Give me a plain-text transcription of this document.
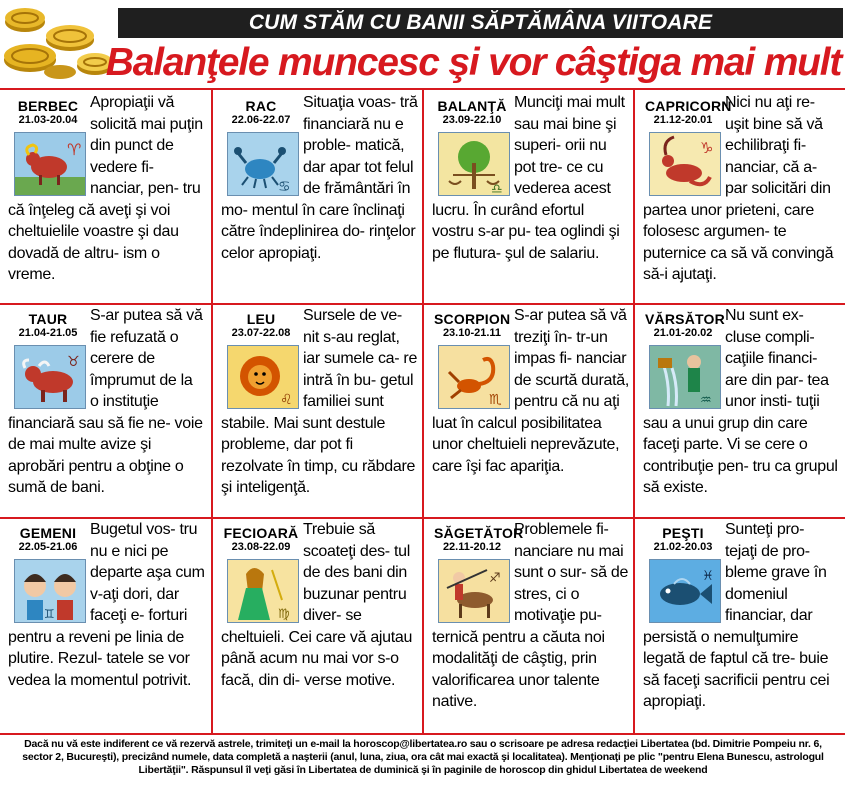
CUM STĂM CU BANII SĂPTĂMÂNA VIITOARE
Balanţele muncesc şi vor câştiga mai mult
BERBEC
21.03-20.04
♈
Apropiaţii vă solicită mai puţin din punct de vedere fi- nanciar, pen- tru că înţeleg că aveţi şi voi cheltuielile voastre şi dau dovadă de altru- ism o vreme.
RAC
22.06-22.07
♋
Situaţia voas- tră financiară nu e proble- matică, dar apar tot felul de frământări în mo- mentul în care înclinaţi către îndeplinirea do- rinţelor celor apropiaţi.
BALANŢĂ
23.09-22.10
♎
Munciţi mai mult sau mai bine şi superi- orii nu pot tre- ce cu vederea acest lucru. În curând efortul vostru s-ar pu- tea oglindi şi pe flutura- şul de salariu.
CAPRICORN
21.12-20.01
♑
Nici nu aţi re- uşit bine să vă echilibraţi fi- nanciar, că a- par solicitări din partea unor prieteni, care folosesc argumen- te puternice ca să vă convingă să-i ajutaţi.
TAUR
21.04-21.05
♉
S-ar putea să vă fie refuzată o cerere de împrumut de la o instituţie financiară sau să fie ne- voie de mai multe avize şi aprobări pentru a obţine o sumă de bani.
LEU
23.07-22.08
♌
Sursele de ve- nit s-au reglat, iar sumele ca- re intră în bu- getul familiei sunt stabile. Mai sunt destule probleme, dar pot fi rezolvate în timp, cu răbdare şi inteligenţă.
SCORPION
23.10-21.11
♏
S-ar putea să vă treziţi în- tr-un impas fi- nanciar de scurtă durată, pentru că nu aţi luat în calcul posibilitatea unor cheltuieli neprevăzute, care îşi fac apariţia.
VĂRSĂTOR
21.01-20.02
♒
Nu sunt ex- cluse compli- caţiile financi- are din par- tea unor insti- tuţii sau a unui grup din care faceţi parte. Vi se cere o contribuţie pen- tru ca grupul să existe.
GEMENI
22.05-21.06
♊
Bugetul vos- tru nu e nici pe departe aşa cum v-aţi dori, dar faceţi e- forturi pentru a reveni pe linia de plutire. Rezul- tatele se vor vedea la momentul potrivit.
FECIOARĂ
23.08-22.09
♍
Trebuie să scoateţi des- tul de des bani din buzunar pentru diver- se cheltuieli. Cei care vă ajutau până acum nu mai vor s-o facă, din di- verse motive.
SĂGETĂTOR
22.11-20.12
♐
Problemele fi- nanciare nu mai sunt o sur- să de stres, ci o motivaţie pu- ternică pentru a căuta noi modalităţi de câştig, prin valorificarea unor talente native.
PEŞTI
21.02-20.03
♓
Sunteţi pro- tejaţi de pro- bleme grave în domeniul financiar, dar persistă o nemulţumire legată de faptul că tre- buie să faceţi sacrificii pentru cei apropiaţi.
Dacă nu vă este indiferent ce vă rezervă astrele, trimiteţi un e-mail la horoscop@libertatea.ro sau o scrisoare pe adresa redacţiei Libertatea (bd. Dimitrie Pompeiu nr. 6, sector 2, Bucureşti), precizând numele, data completă a naşterii (anul, luna, ziua, ora cât mai exactă şi localitatea). Menţionaţi pe plic "pentru Elena Bunescu, astrologul Libertăţii". Răspunsul îl veţi găsi în Libertatea de duminică şi în paginile de horoscop din ghidul Libertatea de weekend
